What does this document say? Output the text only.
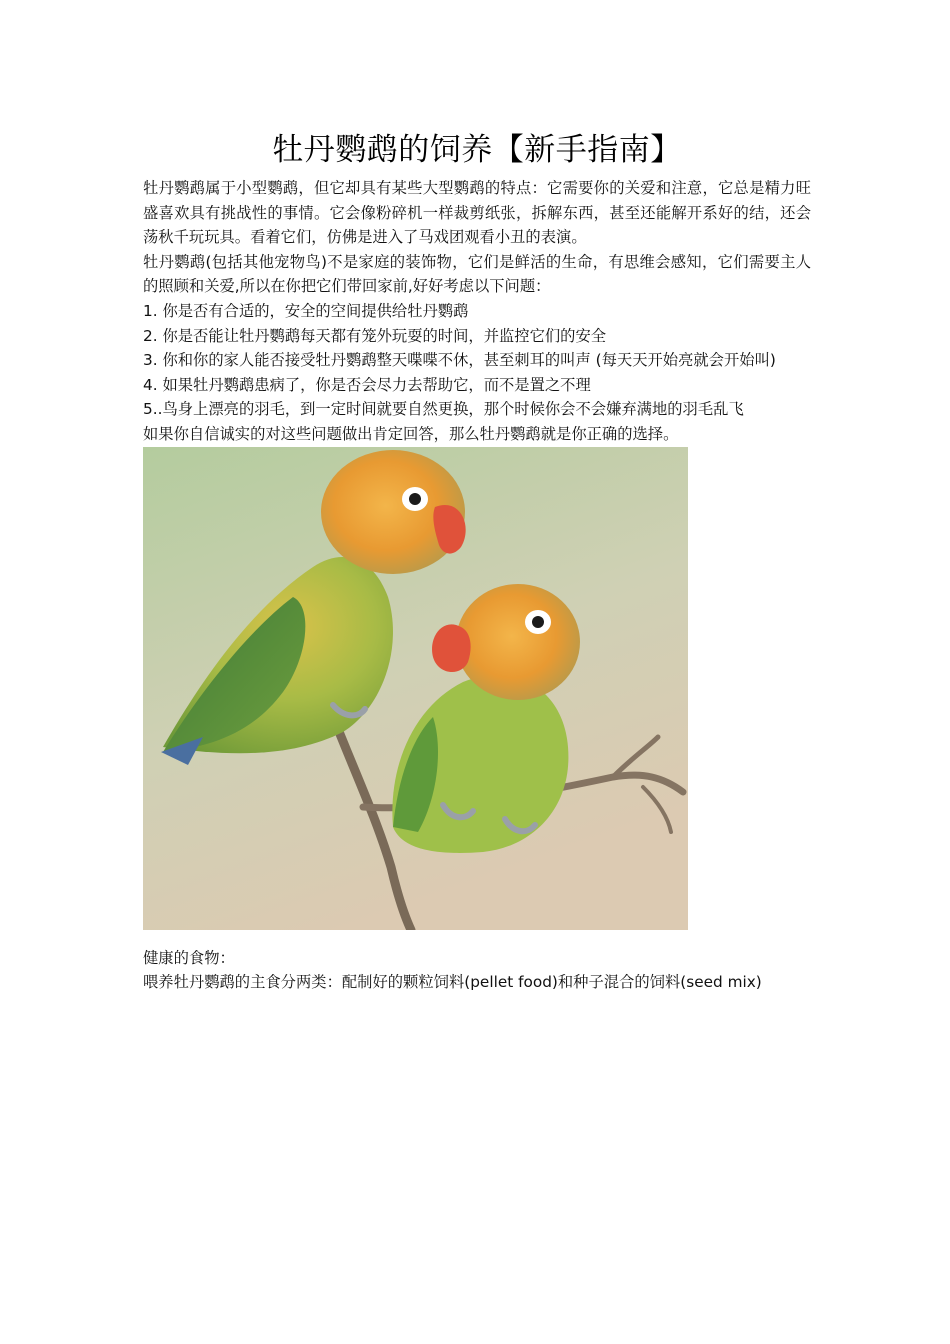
牡丹鹦鹉的饲养【新手指南】

牡丹鹦鹉属于小型鹦鹉，但它却具有某些大型鹦鹉的特点：它需要你的关爱和注意，它总是精力旺盛喜欢具有挑战性的事情。它会像粉碎机一样裁剪纸张，拆解东西，甚至还能解开系好的结，还会荡秋千玩玩具。看着它们，仿佛是进入了马戏团观看小丑的表演。

牡丹鹦鹉(包括其他宠物鸟)不是家庭的装饰物，它们是鲜活的生命，有思维会感知，它们需要主人的照顾和关爱,所以在你把它们带回家前,好好考虑以下问题：

1. 你是否有合适的，安全的空间提供给牡丹鹦鹉

2. 你是否能让牡丹鹦鹉每天都有笼外玩耍的时间，并监控它们的安全

3. 你和你的家人能否接受牡丹鹦鹉整天喋喋不休，甚至刺耳的叫声 (每天天开始亮就会开始叫)

4. 如果牡丹鹦鹉患病了，你是否会尽力去帮助它，而不是置之不理

5..鸟身上漂亮的羽毛，到一定时间就要自然更换，那个时候你会不会嫌弃满地的羽毛乱飞

如果你自信诚实的对这些问题做出肯定回答，那么牡丹鹦鹉就是你正确的选择。

健康的食物：

喂养牡丹鹦鹉的主食分两类：配制好的颗粒饲料(pellet food)和种子混合的饲料(seed mix)
